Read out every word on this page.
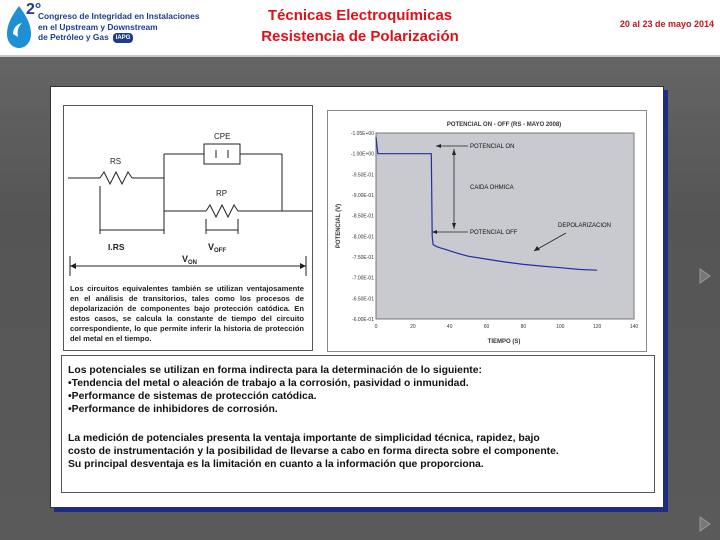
2°
Congreso de Integridad en Instalaciones
en el Upstream y Downstream
de Petróleo y Gas IAPG
Técnicas Electroquímicas
Resistencia de Polarización
20 al 23 de mayo 2014
CPE
RS
RP
I.RS	$V_{OFF}$
$V_{ON}$
Los circuitos equivalentes también se utilizan ventajosamente en el análisis de transitorios, tales como los procesos de depolarización de componentes bajo protección catódica. En estos casos, se calcula la constante de tiempo del circuito correspondiente, lo que permite inferir la historia de protección del metal en el tiempo.
POTENCIAL ON - OFF (RS - MAYO 2008)
TIEMPO (S)
POTENCIAL (V)
-1.05E+00
-1.00E+00
-9.50E-01
-9.00E-01
-8.50E-01
-8.00E-01
-7.50E-01
-7.00E-01
-6.50E-01
-6.00E-01
0	20	40	60	80	100	120	140
POTENCIAL ON
CAIDA OHMICA
POTENCIAL OFF
DEPOLARIZACION
Los potenciales se utilizan en forma indirecta para la determinación de lo siguiente:
•Tendencia del metal o aleación de trabajo a la corrosión, pasividad o inmunidad.
•Performance de sistemas de protección catódica.
•Performance de inhibidores de corrosión.
La medición de potenciales presenta la ventaja importante de simplicidad técnica, rapidez, bajo
costo de instrumentación y la posibilidad de llevarse a cabo en forma directa sobre el componente.
Su principal desventaja es la limitación en cuanto a la información que proporciona.
